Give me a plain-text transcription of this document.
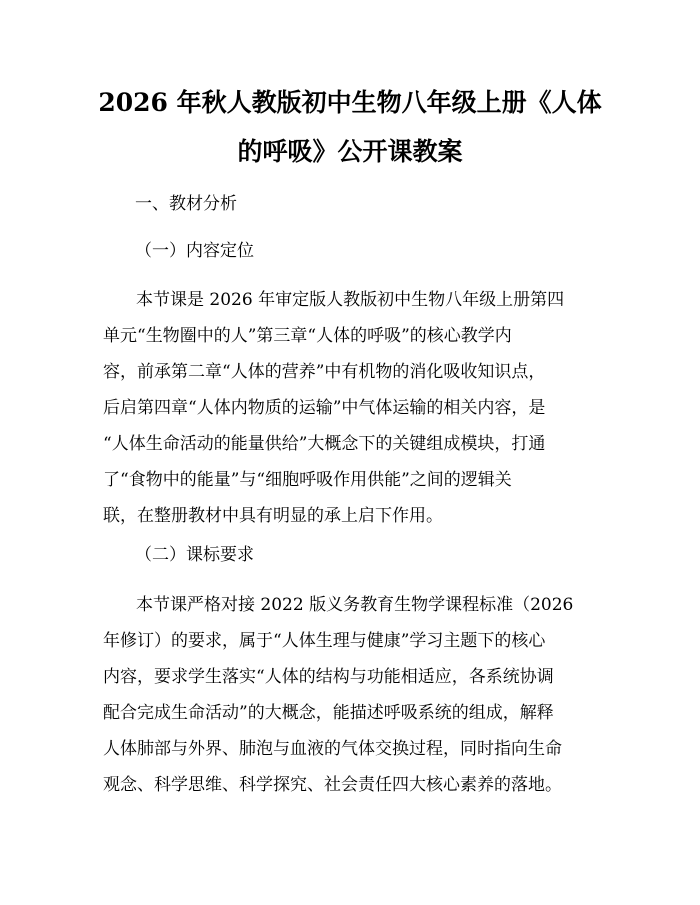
2026 年秋人教版初中生物八年级上册《人体
的呼吸》公开课教案
一、教材分析
（一）内容定位
本节课是 2026 年审定版人教版初中生物八年级上册第四
单元“生物圈中的人”第三章“人体的呼吸”的核心教学内
容，前承第二章“人体的营养”中有机物的消化吸收知识点，
后启第四章“人体内物质的运输”中气体运输的相关内容，是
“人体生命活动的能量供给”大概念下的关键组成模块，打通
了“食物中的能量”与“细胞呼吸作用供能”之间的逻辑关
联，在整册教材中具有明显的承上启下作用。
（二）课标要求
本节课严格对接 2022 版义务教育生物学课程标准（2026
年修订）的要求，属于“人体生理与健康”学习主题下的核心
内容，要求学生落实“人体的结构与功能相适应，各系统协调
配合完成生命活动”的大概念，能描述呼吸系统的组成，解释
人体肺部与外界、肺泡与血液的气体交换过程，同时指向生命
观念、科学思维、科学探究、社会责任四大核心素养的落地。
